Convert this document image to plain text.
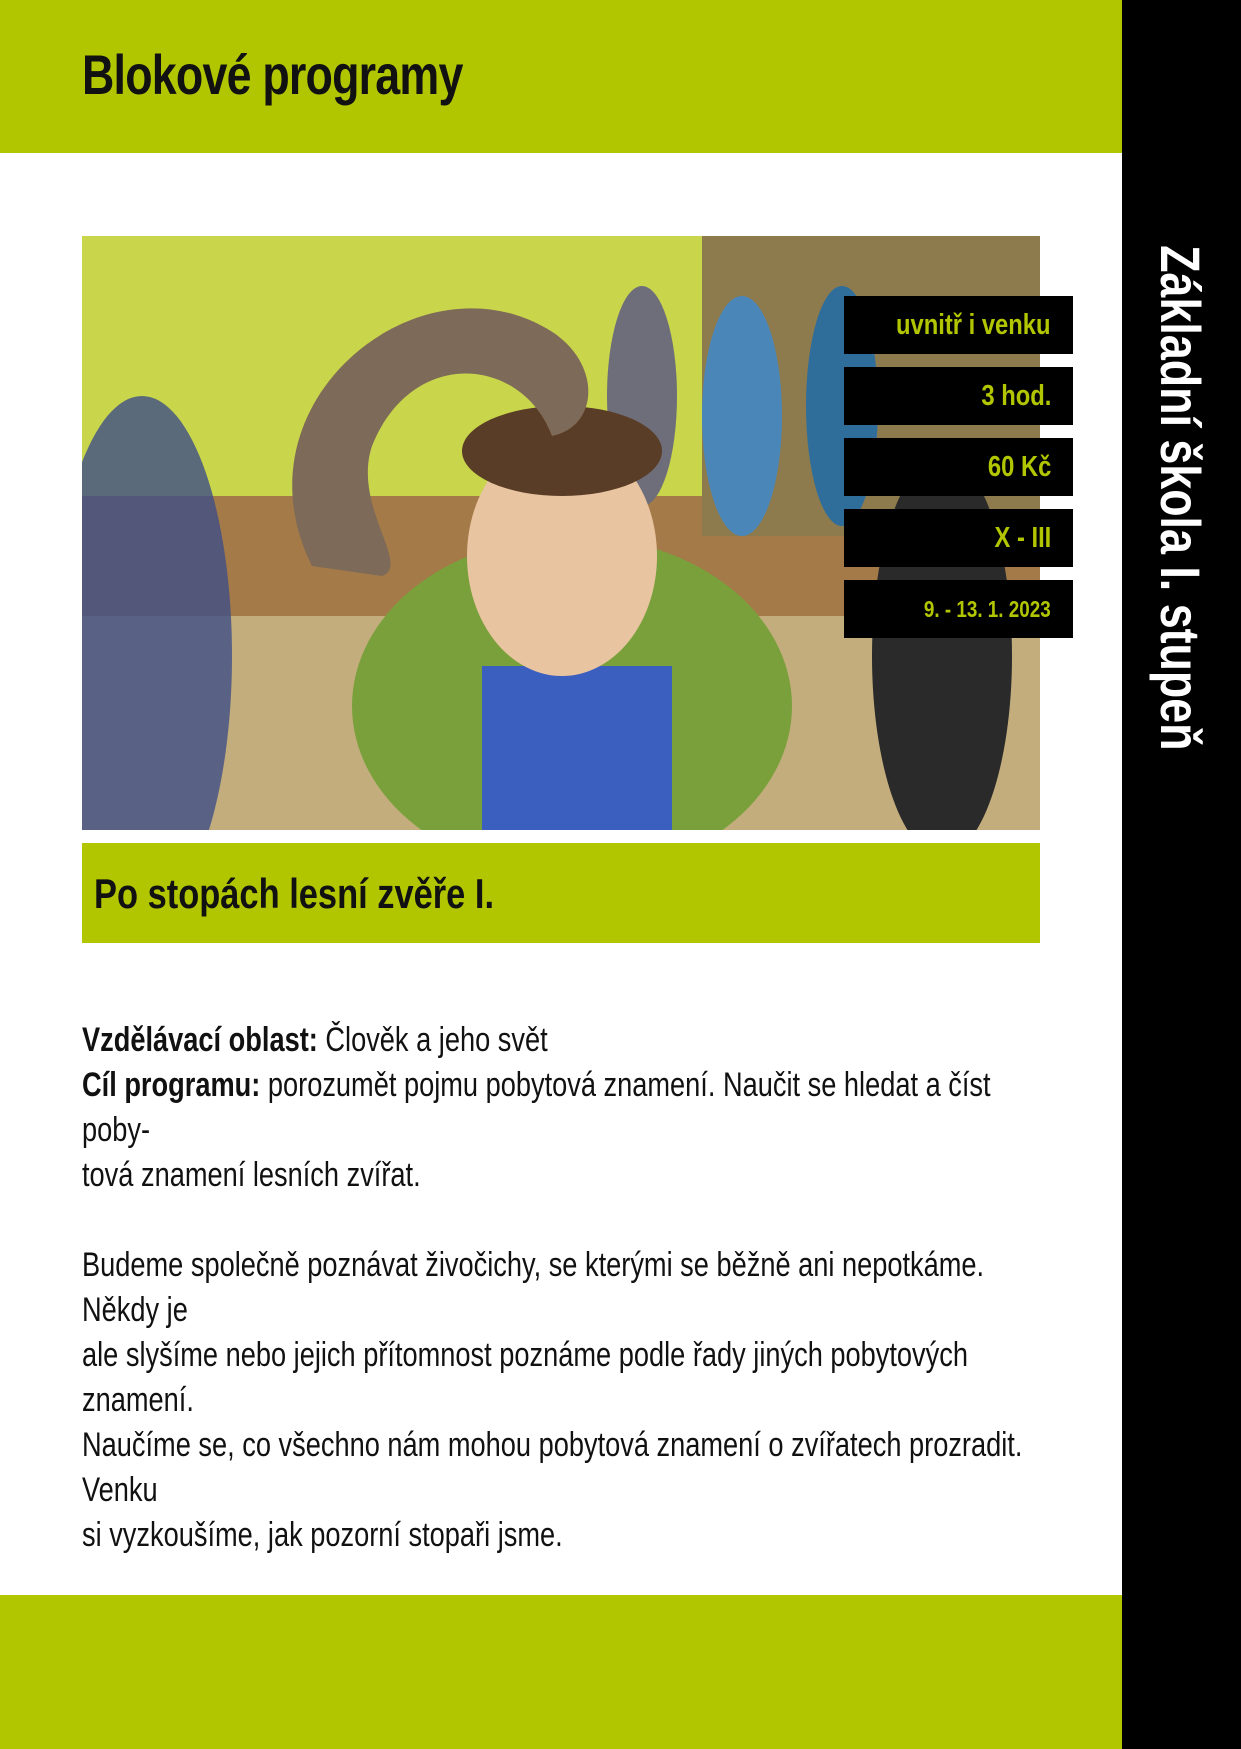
Blokové programy
Základní škola I. stupeň
uvnitř i venku
3 hod.
60 Kč
X - III
9. - 13. 1. 2023
Po stopách lesní zvěře I.

Vzdělávací oblast: Člověk a jeho svět

Cíl programu: porozumět pojmu pobytová znamení. Naučit se hledat a číst poby-

tová znamení lesních zvířat.

Budeme společně poznávat živočichy, se kterými se běžně ani nepotkáme. Někdy je

ale slyšíme nebo jejich přítomnost poznáme podle řady jiných pobytových znamení.

Naučíme se, co všechno nám mohou pobytová znamení o zvířatech prozradit. Venku

si vyzkoušíme, jak pozorní stopaři jsme.
